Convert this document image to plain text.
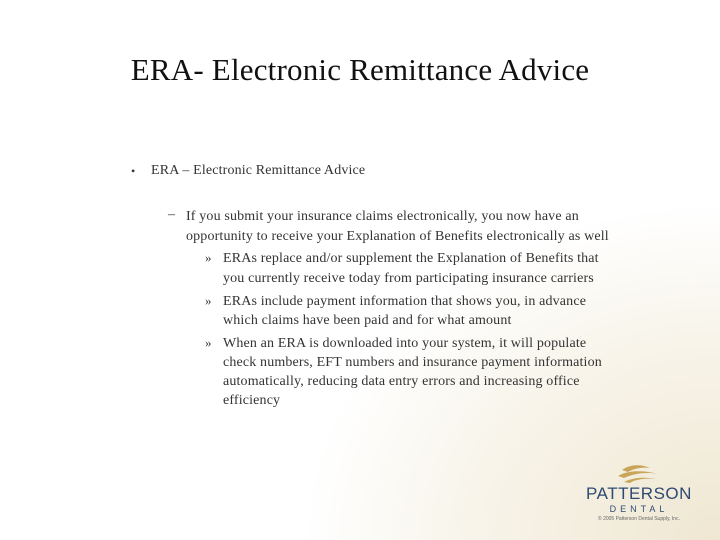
ERA- Electronic Remittance Advice
• ERA – Electronic Remittance Advice
– If you submit your insurance claims electronically, you now have an
opportunity to receive your Explanation of Benefits electronically as well
» ERAs replace and/or supplement the Explanation of Benefits that
you currently receive today from participating insurance carriers
» ERAs include payment information that shows you, in advance
which claims have been paid and for what amount
» When an ERA is downloaded into your system, it will populate
check numbers, EFT numbers and insurance payment information
automatically, reducing data entry errors and increasing office
efficiency
PATTERSON
DENTAL
© 2005 Patterson Dental Supply, Inc.
